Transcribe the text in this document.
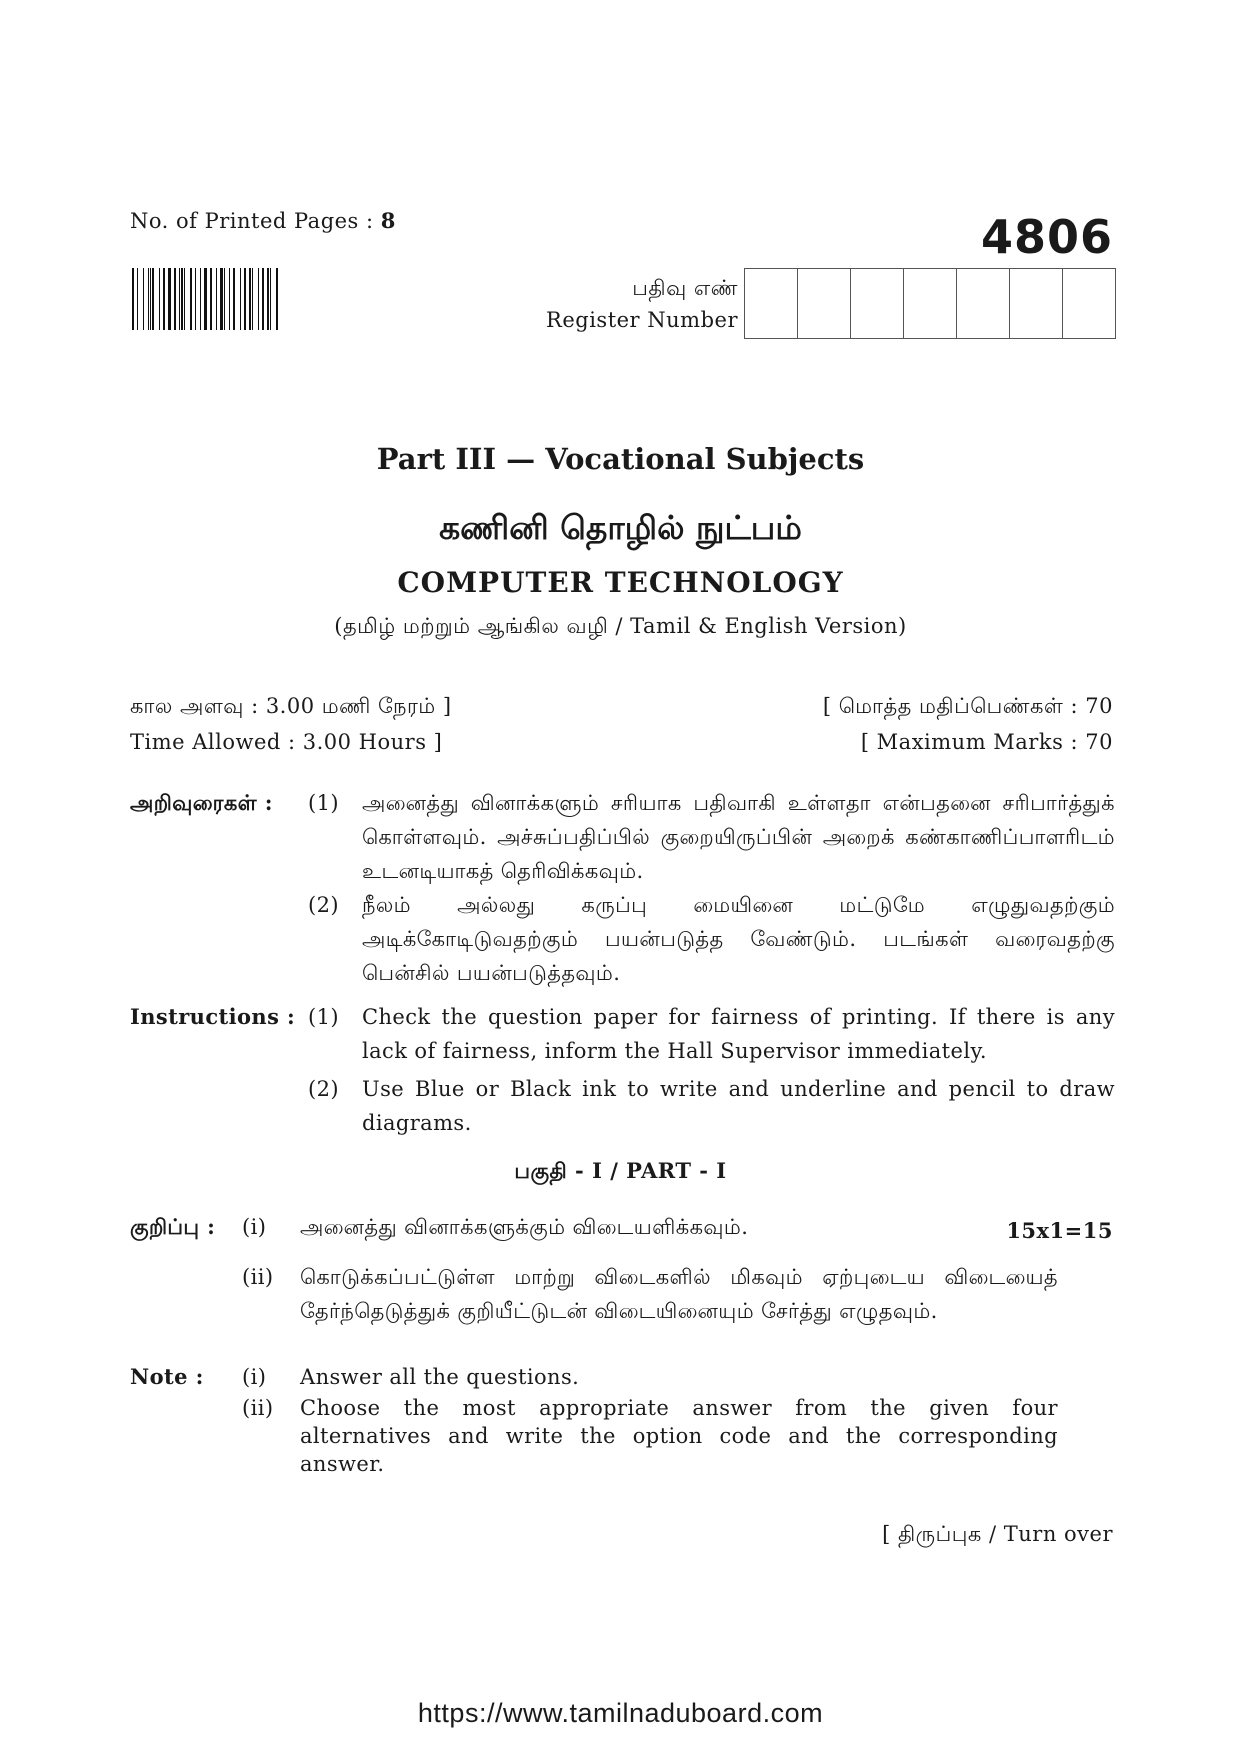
No. of Printed Pages : 8	4806
பதிவு எண்
Register Number
Part III — Vocational Subjects
கணினி தொழில் நுட்பம்
COMPUTER TECHNOLOGY
(தமிழ் மற்றும் ஆங்கில வழி / Tamil & English Version)
கால அளவு : 3.00 மணி நேரம் ]
Time Allowed : 3.00 Hours ]
[ மொத்த மதிப்பெண்கள் : 70
[ Maximum Marks : 70
அறிவுரைகள் :	(1)	அனைத்து வினாக்களும் சரியாக பதிவாகி உள்ளதா என்பதனை சரிபார்த்துக் கொள்ளவும். அச்சுப்பதிப்பில் குறையிருப்பின் அறைக் கண்காணிப்பாளரிடம் உடனடியாகத் தெரிவிக்கவும்.
(2)	நீலம் அல்லது கருப்பு மையினை மட்டுமே எழுதுவதற்கும் அடிக்கோடிடுவதற்கும் பயன்படுத்த வேண்டும். படங்கள் வரைவதற்கு பென்சில் பயன்படுத்தவும்.
Instructions : (1)	Check the question paper for fairness of printing. If there is any lack of fairness, inform the Hall Supervisor immediately.
(2)	Use Blue or Black ink to write and underline and pencil to draw diagrams.
பகுதி - I / PART - I
குறிப்பு :	(i)	அனைத்து வினாக்களுக்கும் விடையளிக்கவும்.	15x1=15
(ii)	கொடுக்கப்பட்டுள்ள மாற்று விடைகளில் மிகவும் ஏற்புடைய விடையைத் தேர்ந்தெடுத்துக் குறியீட்டுடன் விடையினையும் சேர்த்து எழுதவும்.
Note :	(i)	Answer all the questions.
(ii)	Choose the most appropriate answer from the given four alternatives and write the option code and the corresponding answer.
[ திருப்புக / Turn over
https://www.tamilnaduboard.com
